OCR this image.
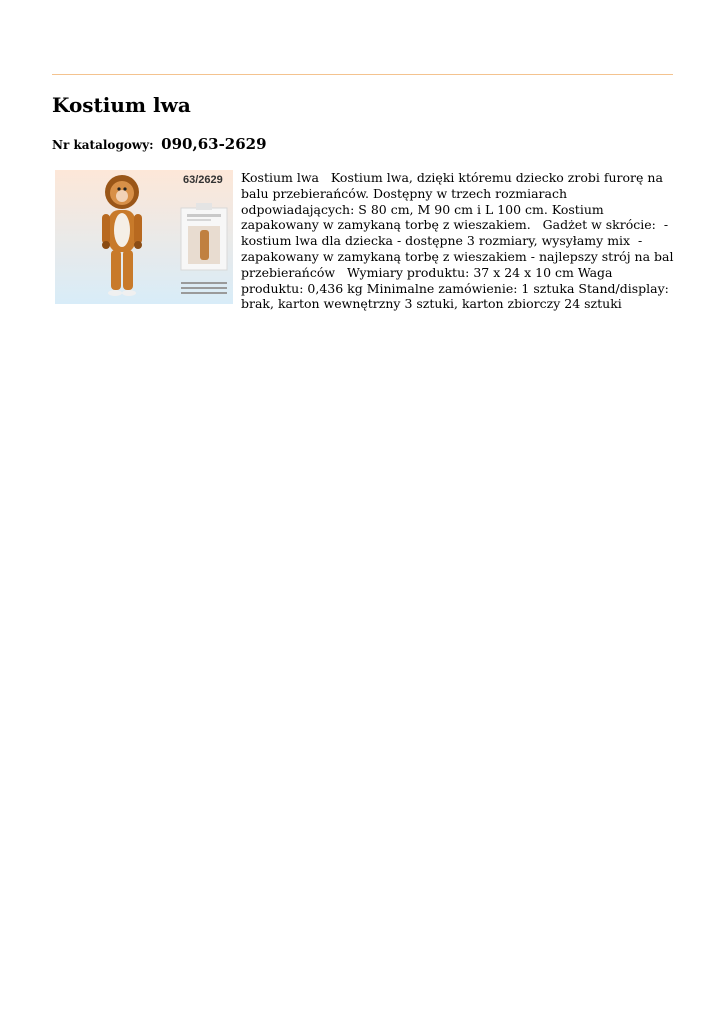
Kostium lwa
Nr katalogowy: 090,63-2629
63/2629 Kostium lwa   Kostium lwa, dzięki któremu dziecko zrobi furorę na balu przebierańców. Dostępny w trzech rozmiarach odpowiadających: S 80 cm, M 90 cm i L 100 cm. Kostium zapakowany w zamykaną torbę z wieszakiem.   Gadżet w skrócie:  - kostium lwa dla dziecka - dostępne 3 rozmiary, wysyłamy mix  - zapakowany w zamykaną torbę z wieszakiem - najlepszy strój na bal przebierańców   Wymiary produktu: 37 x 24 x 10 cm Waga produktu: 0,436 kg Minimalne zamówienie: 1 sztuka Stand/display: brak, karton wewnętrzny 3 sztuki, karton zbiorczy 24 sztuki
